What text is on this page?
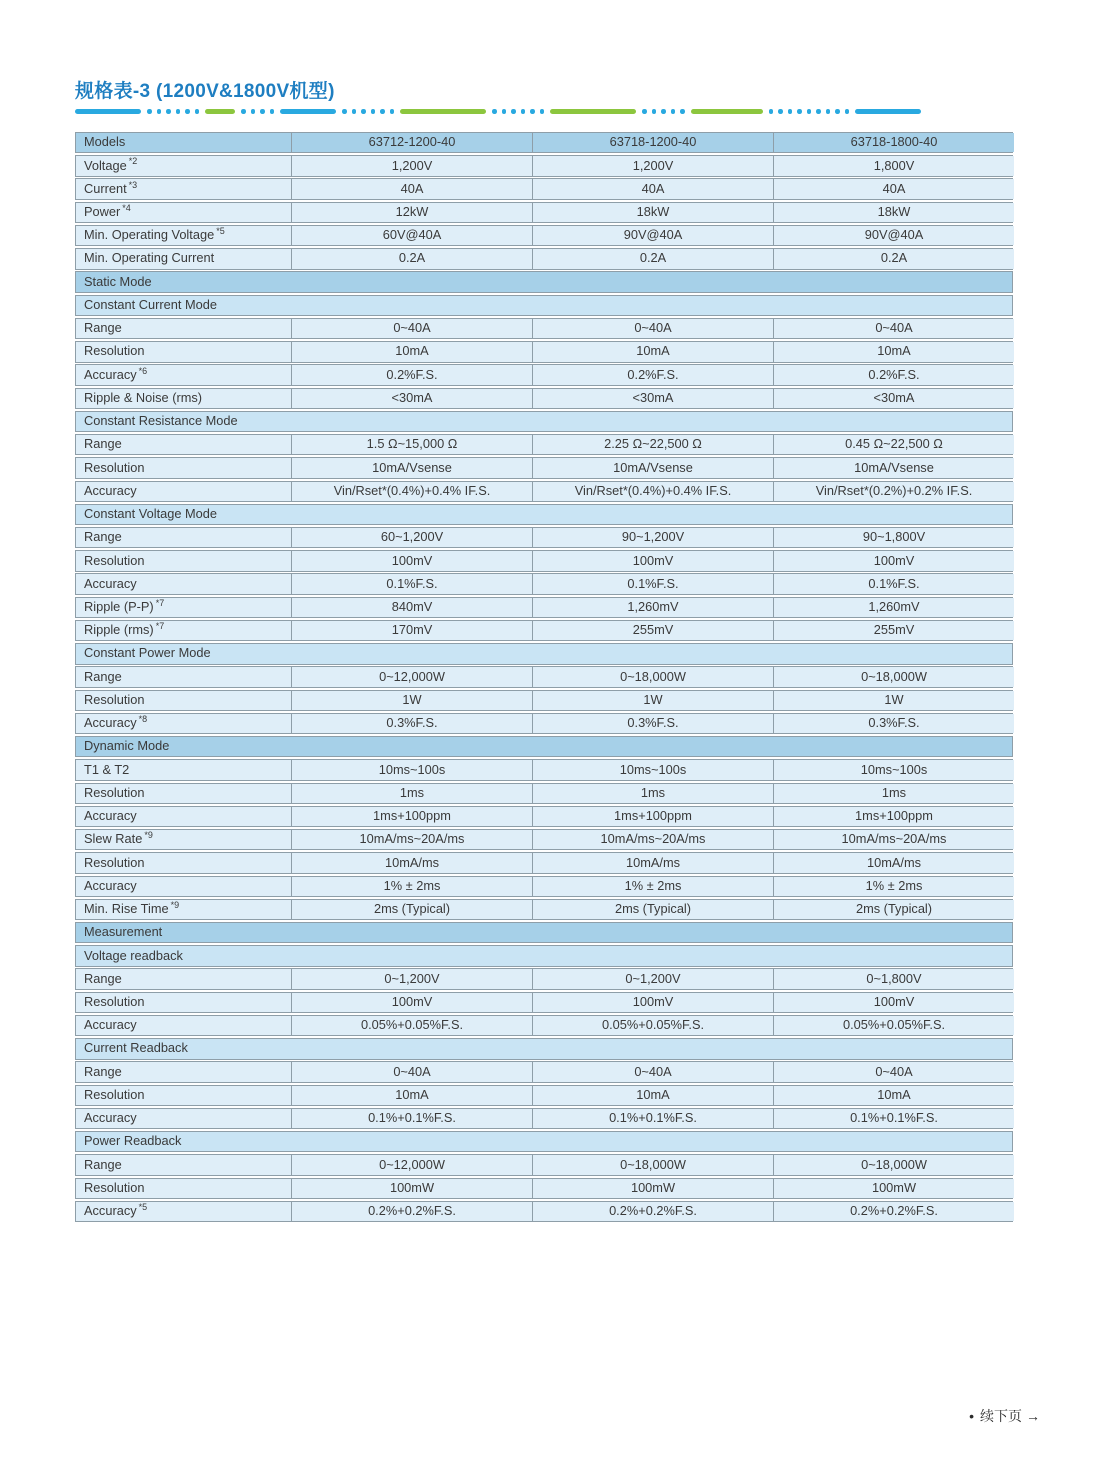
规格表-3 (1200V&1800V机型)
Models	63712-1200-40	63718-1200-40	63718-1800-40
Voltage *2	1,200V	1,200V	1,800V
Current *3	40A	40A	40A
Power *4	12kW	18kW	18kW
Min. Operating Voltage *5	60V@40A	90V@40A	90V@40A
Min. Operating Current	0.2A	0.2A	0.2A
Static Mode
Constant Current Mode
Range	0~40A	0~40A	0~40A
Resolution	10mA	10mA	10mA
Accuracy *6	0.2%F.S.	0.2%F.S.	0.2%F.S.
Ripple & Noise (rms)	<30mA	<30mA	<30mA
Constant Resistance Mode
Range	1.5 Ω~15,000 Ω	2.25 Ω~22,500 Ω	0.45 Ω~22,500 Ω
Resolution	10mA/Vsense	10mA/Vsense	10mA/Vsense
Accuracy	Vin/Rset*(0.4%)+0.4% IF.S.	Vin/Rset*(0.4%)+0.4% IF.S.	Vin/Rset*(0.2%)+0.2% IF.S.
Constant Voltage Mode
Range	60~1,200V	90~1,200V	90~1,800V
Resolution	100mV	100mV	100mV
Accuracy	0.1%F.S.	0.1%F.S.	0.1%F.S.
Ripple (P-P) *7	840mV	1,260mV	1,260mV
Ripple (rms) *7	170mV	255mV	255mV
Constant Power Mode
Range	0~12,000W	0~18,000W	0~18,000W
Resolution	1W	1W	1W
Accuracy *8	0.3%F.S.	0.3%F.S.	0.3%F.S.
Dynamic Mode
T1 & T2	10ms~100s	10ms~100s	10ms~100s
Resolution	1ms	1ms	1ms
Accuracy	1ms+100ppm	1ms+100ppm	1ms+100ppm
Slew Rate *9	10mA/ms~20A/ms	10mA/ms~20A/ms	10mA/ms~20A/ms
Resolution	10mA/ms	10mA/ms	10mA/ms
Accuracy	1% ± 2ms	1% ± 2ms	1% ± 2ms
Min. Rise Time *9	2ms (Typical)	2ms (Typical)	2ms (Typical)
Measurement
Voltage readback
Range	0~1,200V	0~1,200V	0~1,800V
Resolution	100mV	100mV	100mV
Accuracy	0.05%+0.05%F.S.	0.05%+0.05%F.S.	0.05%+0.05%F.S.
Current Readback
Range	0~40A	0~40A	0~40A
Resolution	10mA	10mA	10mA
Accuracy	0.1%+0.1%F.S.	0.1%+0.1%F.S.	0.1%+0.1%F.S.
Power Readback
Range	0~12,000W	0~18,000W	0~18,000W
Resolution	100mW	100mW	100mW
Accuracy *5	0.2%+0.2%F.S.	0.2%+0.2%F.S.	0.2%+0.2%F.S.
• 续下页 →
